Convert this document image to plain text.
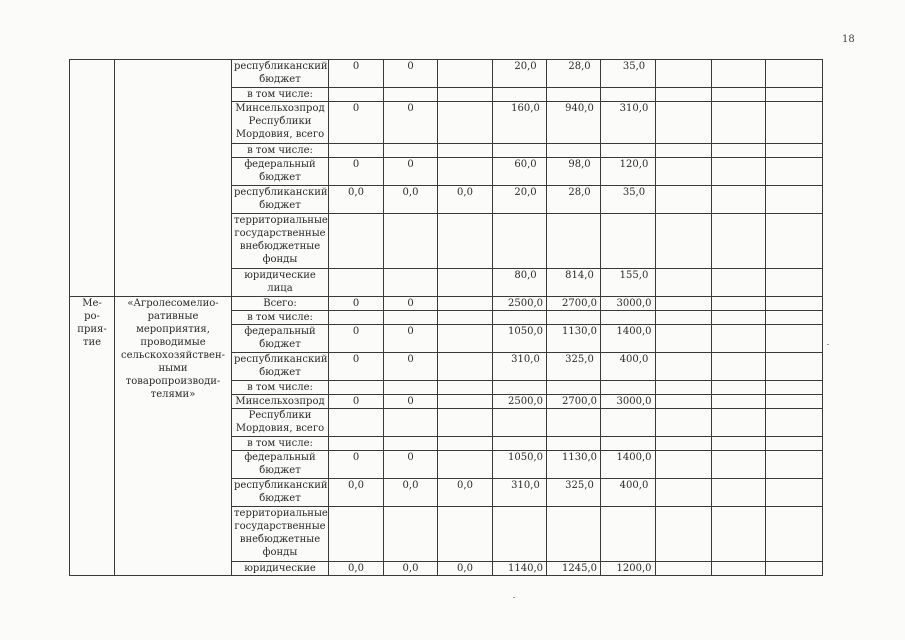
18
		республиканский бюджет	0	0		20,0	28,0	35,0			
		в том числе:									
		Минсельхозпрод Республики Мордовия, всего	0	0		160,0	940,0	310,0			
		в том числе:									
		федеральный бюджет	0	0		60,0	98,0	120,0			
		республиканский бюджет	0,0	0,0	0,0	20,0	28,0	35,0			
		территориальные государственные внебюджетные фонды									
		юридические лица				80,0	814,0	155,0			
Ме- ро- прия- тие	«Агролесомелио- ративные мероприятия, проводимые сельскохозяйствен- ными товаропроизводи- телями»	Всего:	0	0		2500,0	2700,0	3000,0			
		в том числе:									
		федеральный бюджет	0	0		1050,0	1130,0	1400,0			
		республиканский бюджет	0	0		310,0	325,0	400,0			
		в том числе:									
		Минсельхозпрод	0	0		2500,0	2700,0	3000,0			
		Республики Мордовия, всего									
		в том числе:									
		федеральный бюджет	0	0		1050,0	1130,0	1400,0			
		республиканский бюджет	0,0	0,0	0,0	310,0	325,0	400,0			
		территориальные государственные внебюджетные фонды									
		юридические	0,0	0,0	0,0	1140,0	1245,0	1200,0			
